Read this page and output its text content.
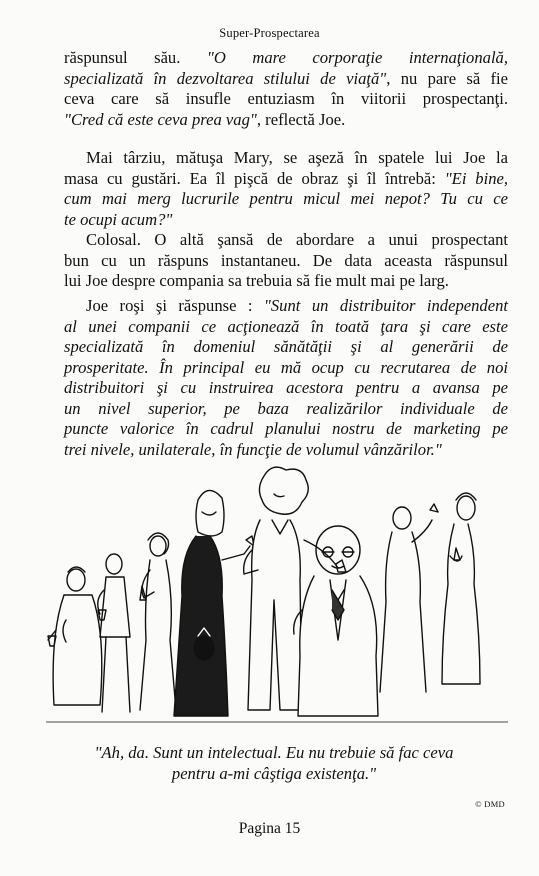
Super-Prospectarea
răspunsul său. "O mare corporaţie internaţională,
specializată în dezvoltarea stilului de viaţă", nu pare să fie
ceva care să insufle entuziasm în viitorii prospectanţi.
"Cred că este ceva prea vag", reflectă Joe.
Mai târziu, mătuşa Mary, se aşeză în spatele lui Joe la
masa cu gustări. Ea îl pişcă de obraz şi îl întrebă: "Ei bine,
cum mai merg lucrurile pentru micul mei nepot? Tu cu ce
te ocupi acum?"
Colosal. O altă şansă de abordare a unui prospectant
bun cu un răspuns instantaneu. De data aceasta răspunsul
lui Joe despre compania sa trebuia să fie mult mai pe larg.
Joe roşi şi răspunse : "Sunt un distribuitor independent
al unei companii ce acţionează în toată ţara şi care este
specializată în domeniul sănătăţii şi al generării de
prosperitate. În principal eu mă ocup cu recrutarea de noi
distribuitori şi cu instruirea acestora pentru a avansa pe
un nivel superior, pe baza realizărilor individuale de
puncte valorice în cadrul planului nostru de marketing pe
trei nivele, unilaterale, în funcţie de volumul vânzărilor."
"Ah, da. Sunt un intelectual. Eu nu trebuie să fac ceva
pentru a-mi câştiga existenţa."
© DMD
Pagina 15
